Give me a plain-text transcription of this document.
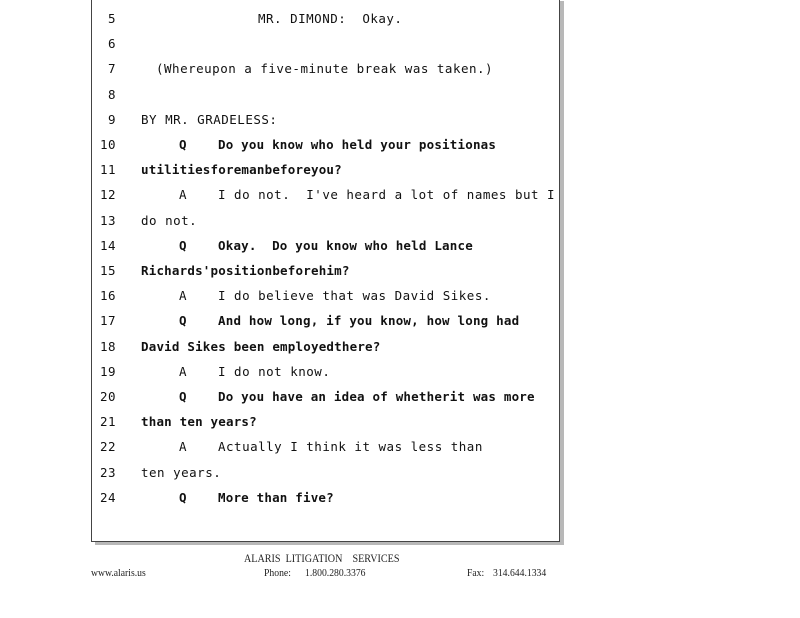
5	MR. DIMOND:  Okay.
6
7	(Whereupon a five-minute break was taken.)
8
9 BY MR. GRADELESS:
10	Q	Do you know who held your positionas
11 utilitiesforemanbeforeyou?
12	A I do not.  I've heard a lot of names but I
13 do not.
14	Q	Okay.  Do you know who held Lance
15 Richards'positionbeforehim?
16	A I do believe that was David Sikes.
17	Q	And how long, if you know, how long had
18 David Sikes been employedthere?
19	A I do not know.
20	Q	Do you have an idea of whetherit was more
21 than ten years?
22	A Actually I think it was less than
23 ten years.
24	Q	More than five?
ALARIS  LITIGATION    SERVICES
www.alaris.us	Phone: 1.800.280.3376	Fax: 314.644.1334
